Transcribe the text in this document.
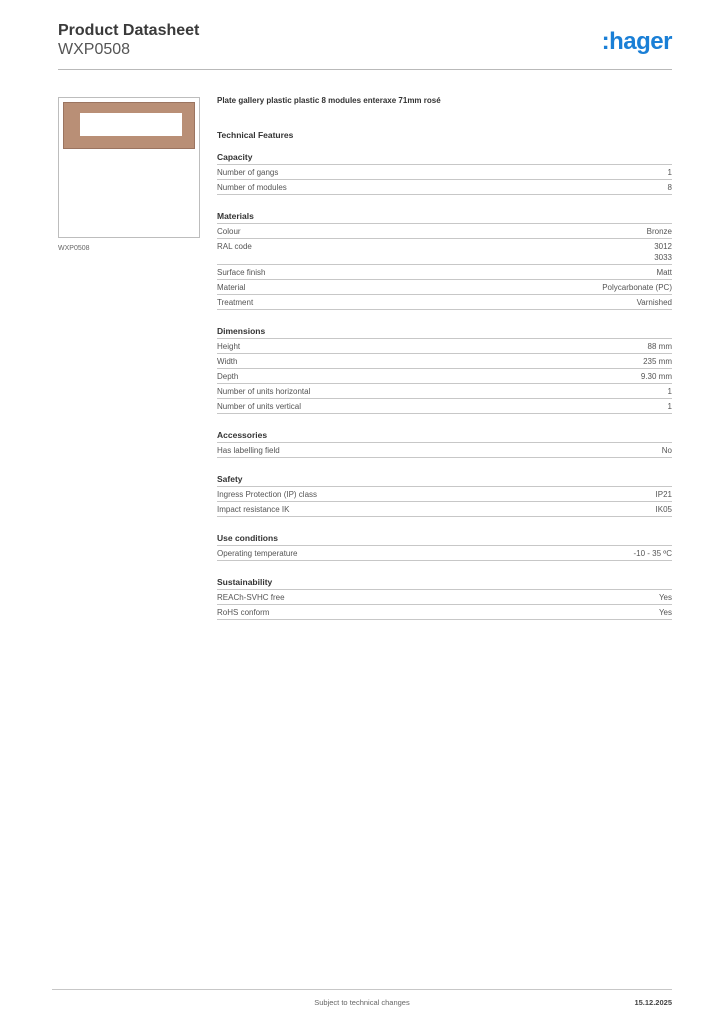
Product Datasheet
WXP0508	:hager
WXP0508
Plate gallery plastic plastic 8 modules enteraxe 71mm rosé
Technical Features
Capacity
Number of gangs	1
Number of modules	8
Materials
Colour	Bronze
RAL code	3012
3033
Surface finish	Matt
Material	Polycarbonate (PC)
Treatment	Varnished
Dimensions
Height	88 mm
Width	235 mm
Depth	9.30 mm
Number of units horizontal	1
Number of units vertical	1
Accessories
Has labelling field	No
Safety
Ingress Protection (IP) class	IP21
Impact resistance IK	IK05
Use conditions
Operating temperature	-10 - 35 ºC
Sustainability
REACh-SVHC free	Yes
RoHS conform	Yes
Subject to technical changes	15.12.2025
